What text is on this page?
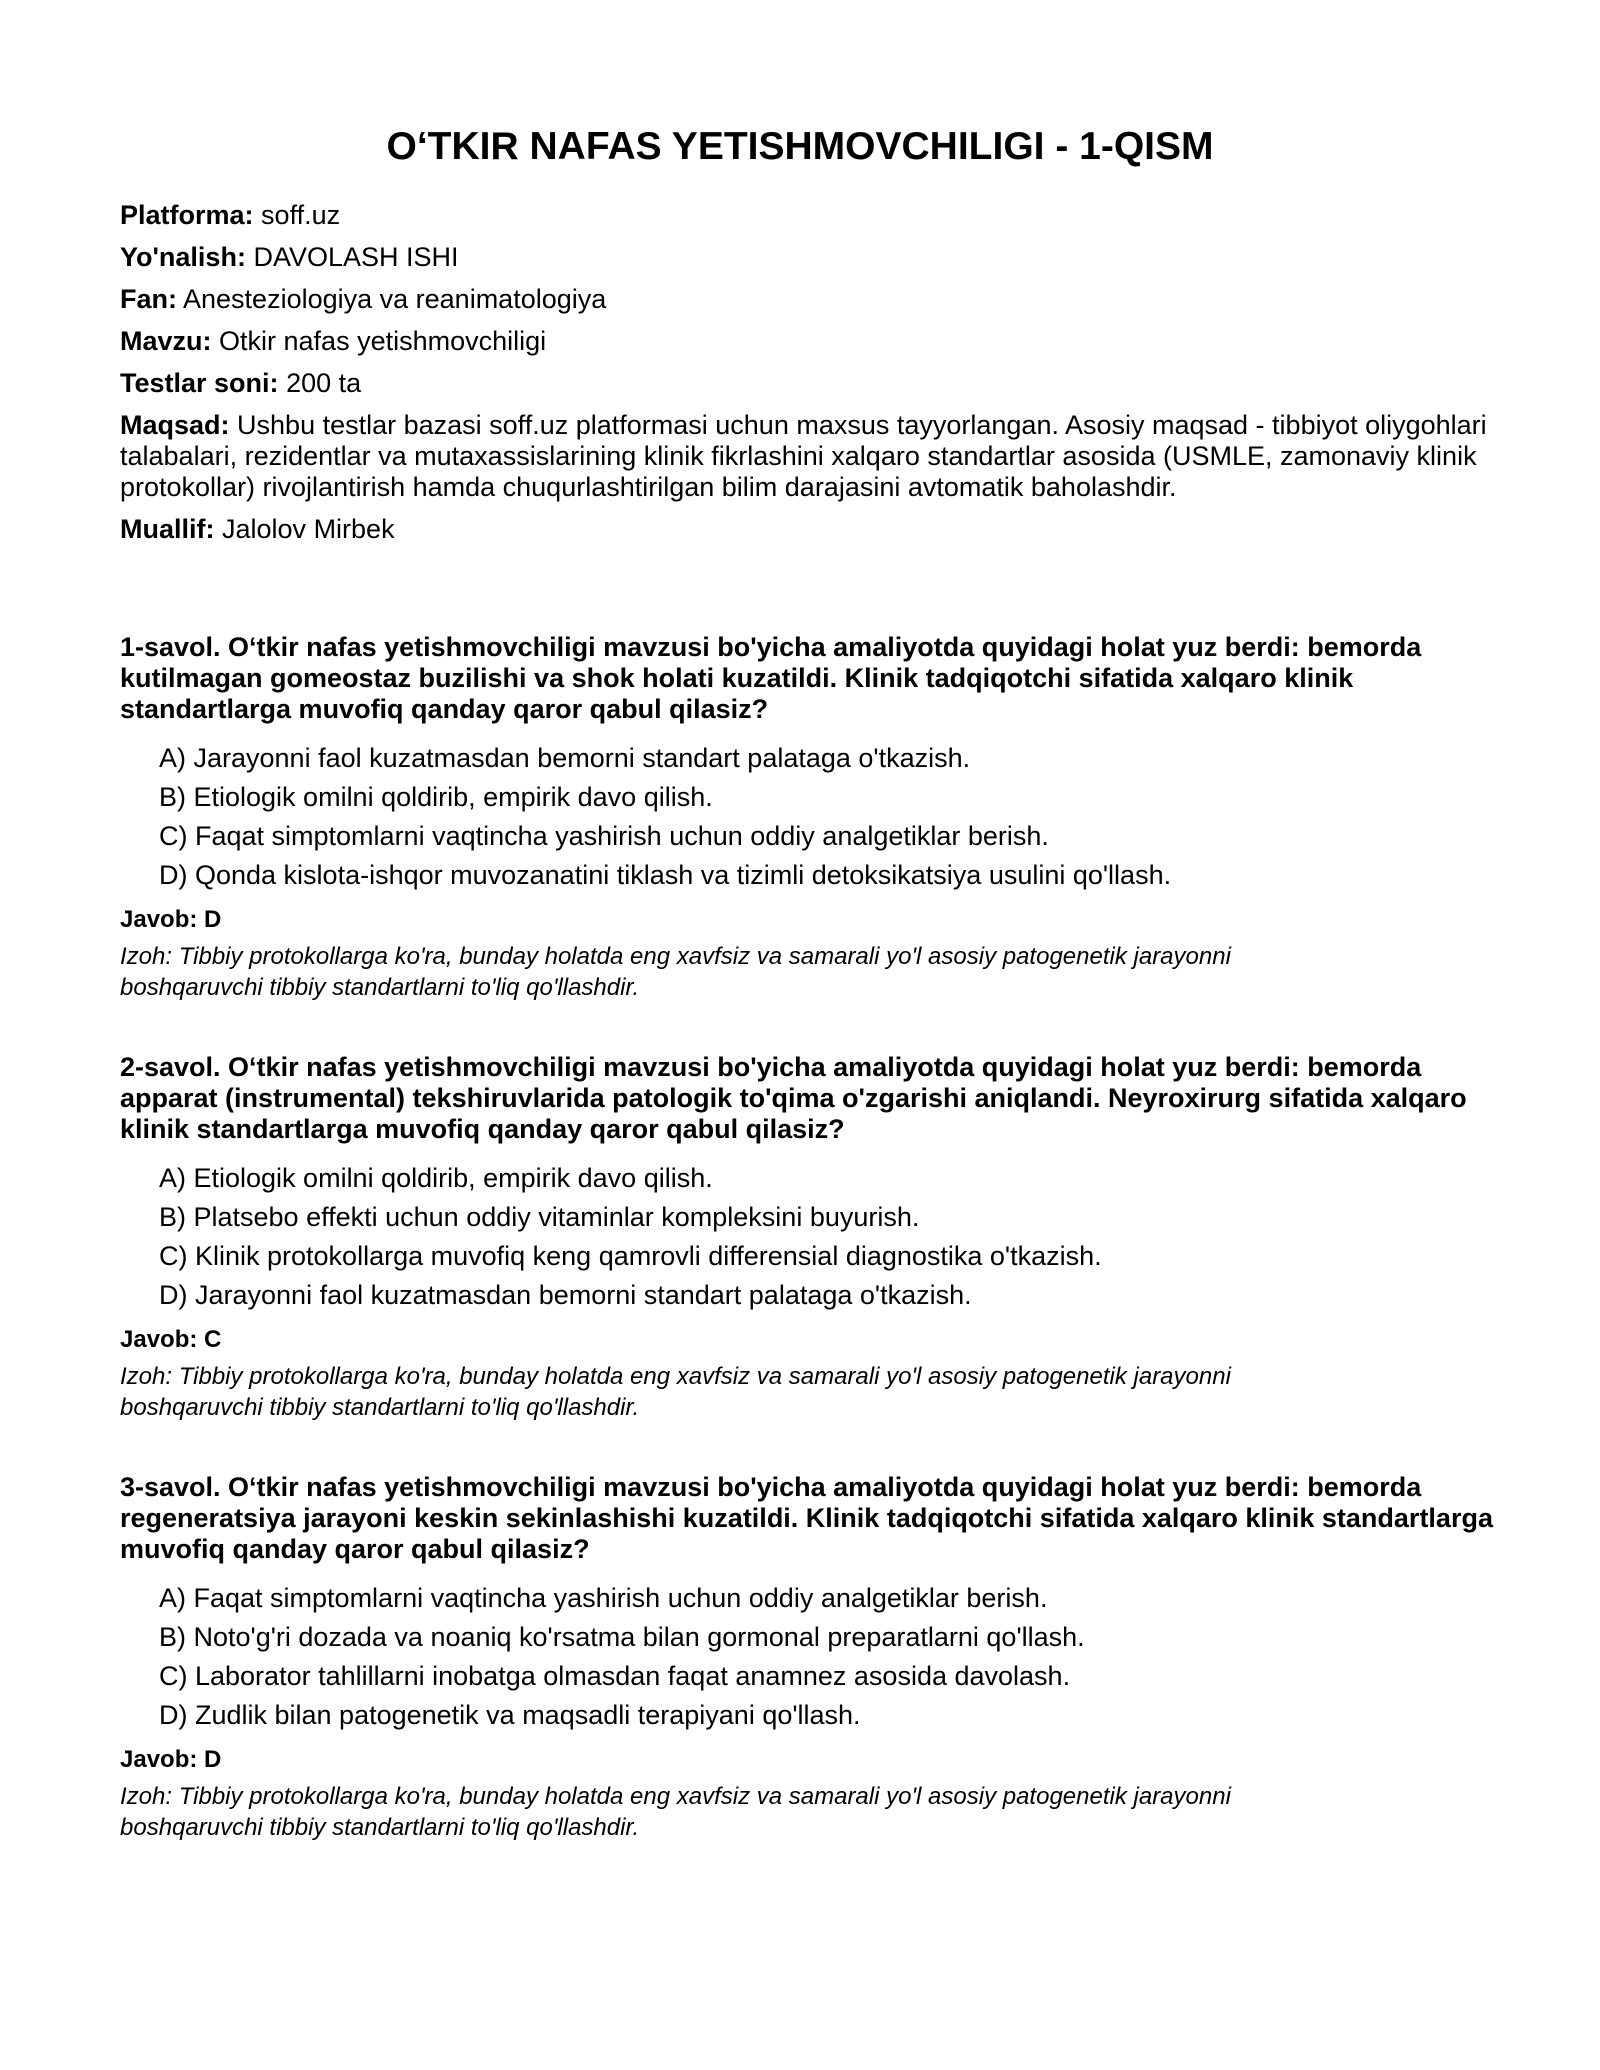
O‘TKIR NAFAS YETISHMOVCHILIGI - 1-QISM
Platforma: soff.uz
Yo'nalish: DAVOLASH ISHI
Fan: Anesteziologiya va reanimatologiya
Mavzu: Otkir nafas yetishmovchiligi
Testlar soni: 200 ta
Maqsad: Ushbu testlar bazasi soff.uz platformasi uchun maxsus tayyorlangan. Asosiy maqsad - tibbiyot oliygohlari talabalari, rezidentlar va mutaxassislarining klinik fikrlashini xalqaro standartlar asosida (USMLE, zamonaviy klinik protokollar) rivojlantirish hamda chuqurlashtirilgan bilim darajasini avtomatik baholashdir.
Muallif: Jalolov Mirbek

1-savol. O‘tkir nafas yetishmovchiligi mavzusi bo'yicha amaliyotda quyidagi holat yuz berdi: bemorda kutilmagan gomeostaz buzilishi va shok holati kuzatildi. Klinik tadqiqotchi sifatida xalqaro klinik standartlarga muvofiq qanday qaror qabul qilasiz?

A) Jarayonni faol kuzatmasdan bemorni standart palataga o'tkazish.
B) Etiologik omilni qoldirib, empirik davo qilish.
C) Faqat simptomlarni vaqtincha yashirish uchun oddiy analgetiklar berish.
D) Qonda kislota-ishqor muvozanatini tiklash va tizimli detoksikatsiya usulini qo'llash.

Javob: D

Izoh: Tibbiy protokollarga ko'ra, bunday holatda eng xavfsiz va samarali yo'l asosiy patogenetik jarayonni boshqaruvchi tibbiy standartlarni to'liq qo'llashdir.

2-savol. O‘tkir nafas yetishmovchiligi mavzusi bo'yicha amaliyotda quyidagi holat yuz berdi: bemorda apparat (instrumental) tekshiruvlarida patologik to'qima o'zgarishi aniqlandi. Neyroxirurg sifatida xalqaro klinik standartlarga muvofiq qanday qaror qabul qilasiz?

A) Etiologik omilni qoldirib, empirik davo qilish.
B) Platsebo effekti uchun oddiy vitaminlar kompleksini buyurish.
C) Klinik protokollarga muvofiq keng qamrovli differensial diagnostika o'tkazish.
D) Jarayonni faol kuzatmasdan bemorni standart palataga o'tkazish.

Javob: C

Izoh: Tibbiy protokollarga ko'ra, bunday holatda eng xavfsiz va samarali yo'l asosiy patogenetik jarayonni boshqaruvchi tibbiy standartlarni to'liq qo'llashdir.

3-savol. O‘tkir nafas yetishmovchiligi mavzusi bo'yicha amaliyotda quyidagi holat yuz berdi: bemorda regeneratsiya jarayoni keskin sekinlashishi kuzatildi. Klinik tadqiqotchi sifatida xalqaro klinik standartlarga muvofiq qanday qaror qabul qilasiz?

A) Faqat simptomlarni vaqtincha yashirish uchun oddiy analgetiklar berish.
B) Noto'g'ri dozada va noaniq ko'rsatma bilan gormonal preparatlarni qo'llash.
C) Laborator tahlillarni inobatga olmasdan faqat anamnez asosida davolash.
D) Zudlik bilan patogenetik va maqsadli terapiyani qo'llash.

Javob: D

Izoh: Tibbiy protokollarga ko'ra, bunday holatda eng xavfsiz va samarali yo'l asosiy patogenetik jarayonni boshqaruvchi tibbiy standartlarni to'liq qo'llashdir.
